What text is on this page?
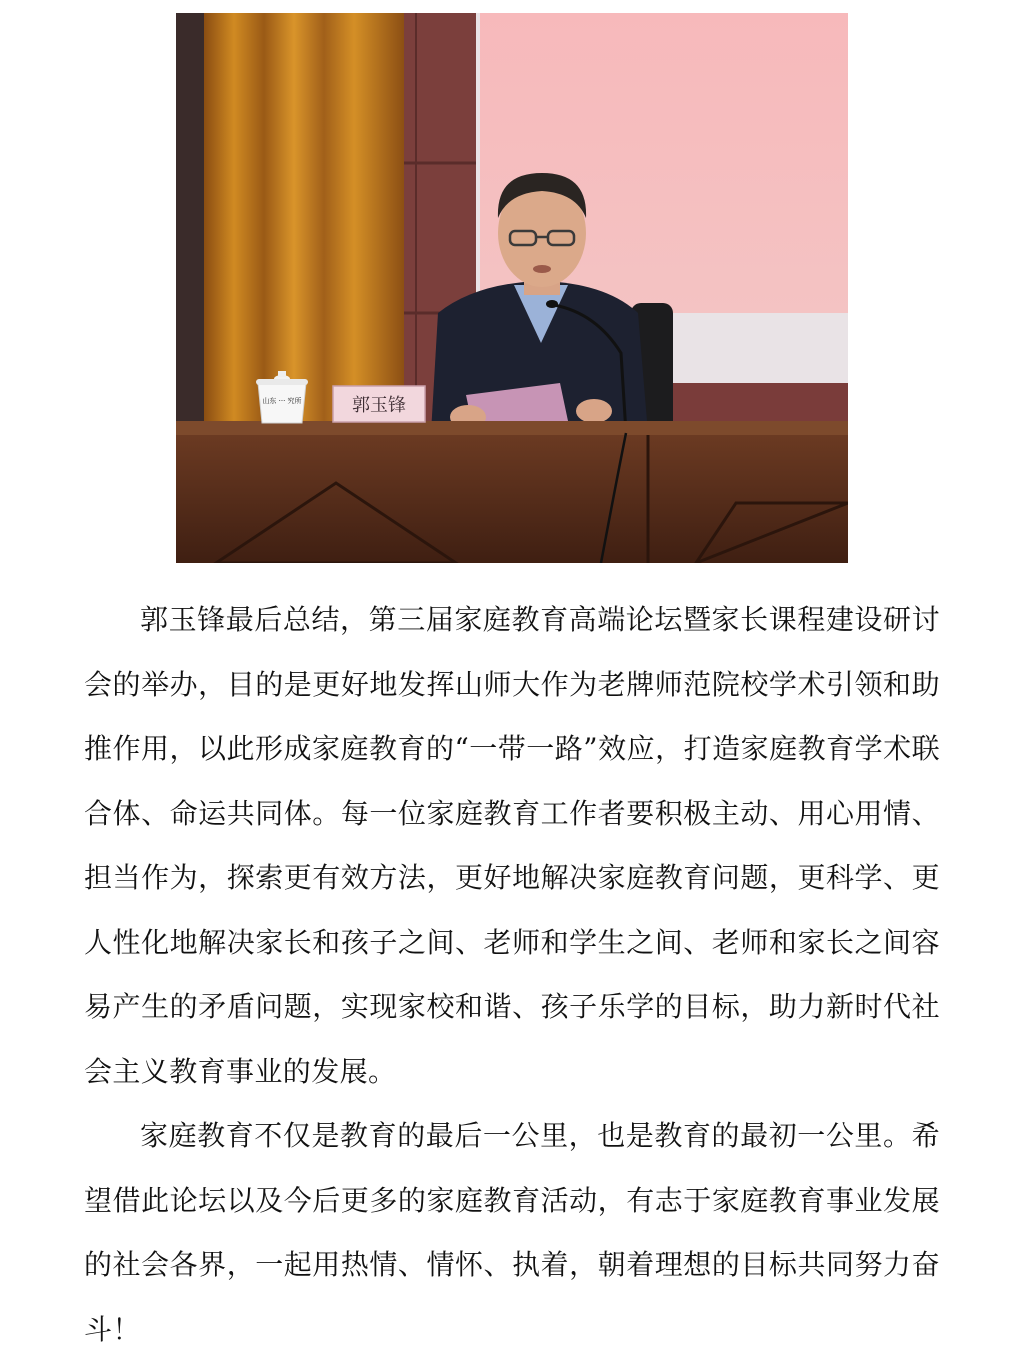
郭玉锋
山东 ··· 究所

郭玉锋最后总结，第三届家庭教育高端论坛暨家长课程建设研讨会的举办，目的是更好地发挥山师大作为老牌师范院校学术引领和助推作用，以此形成家庭教育的“一带一路”效应，打造家庭教育学术联合体、命运共同体。每一位家庭教育工作者要积极主动、用心用情、担当作为，探索更有效方法，更好地解决家庭教育问题，更科学、更人性化地解决家长和孩子之间、老师和学生之间、老师和家长之间容易产生的矛盾问题，实现家校和谐、孩子乐学的目标，助力新时代社会主义教育事业的发展。

家庭教育不仅是教育的最后一公里，也是教育的最初一公里。希望借此论坛以及今后更多的家庭教育活动，有志于家庭教育事业发展的社会各界，一起用热情、情怀、执着，朝着理想的目标共同努力奋斗！
